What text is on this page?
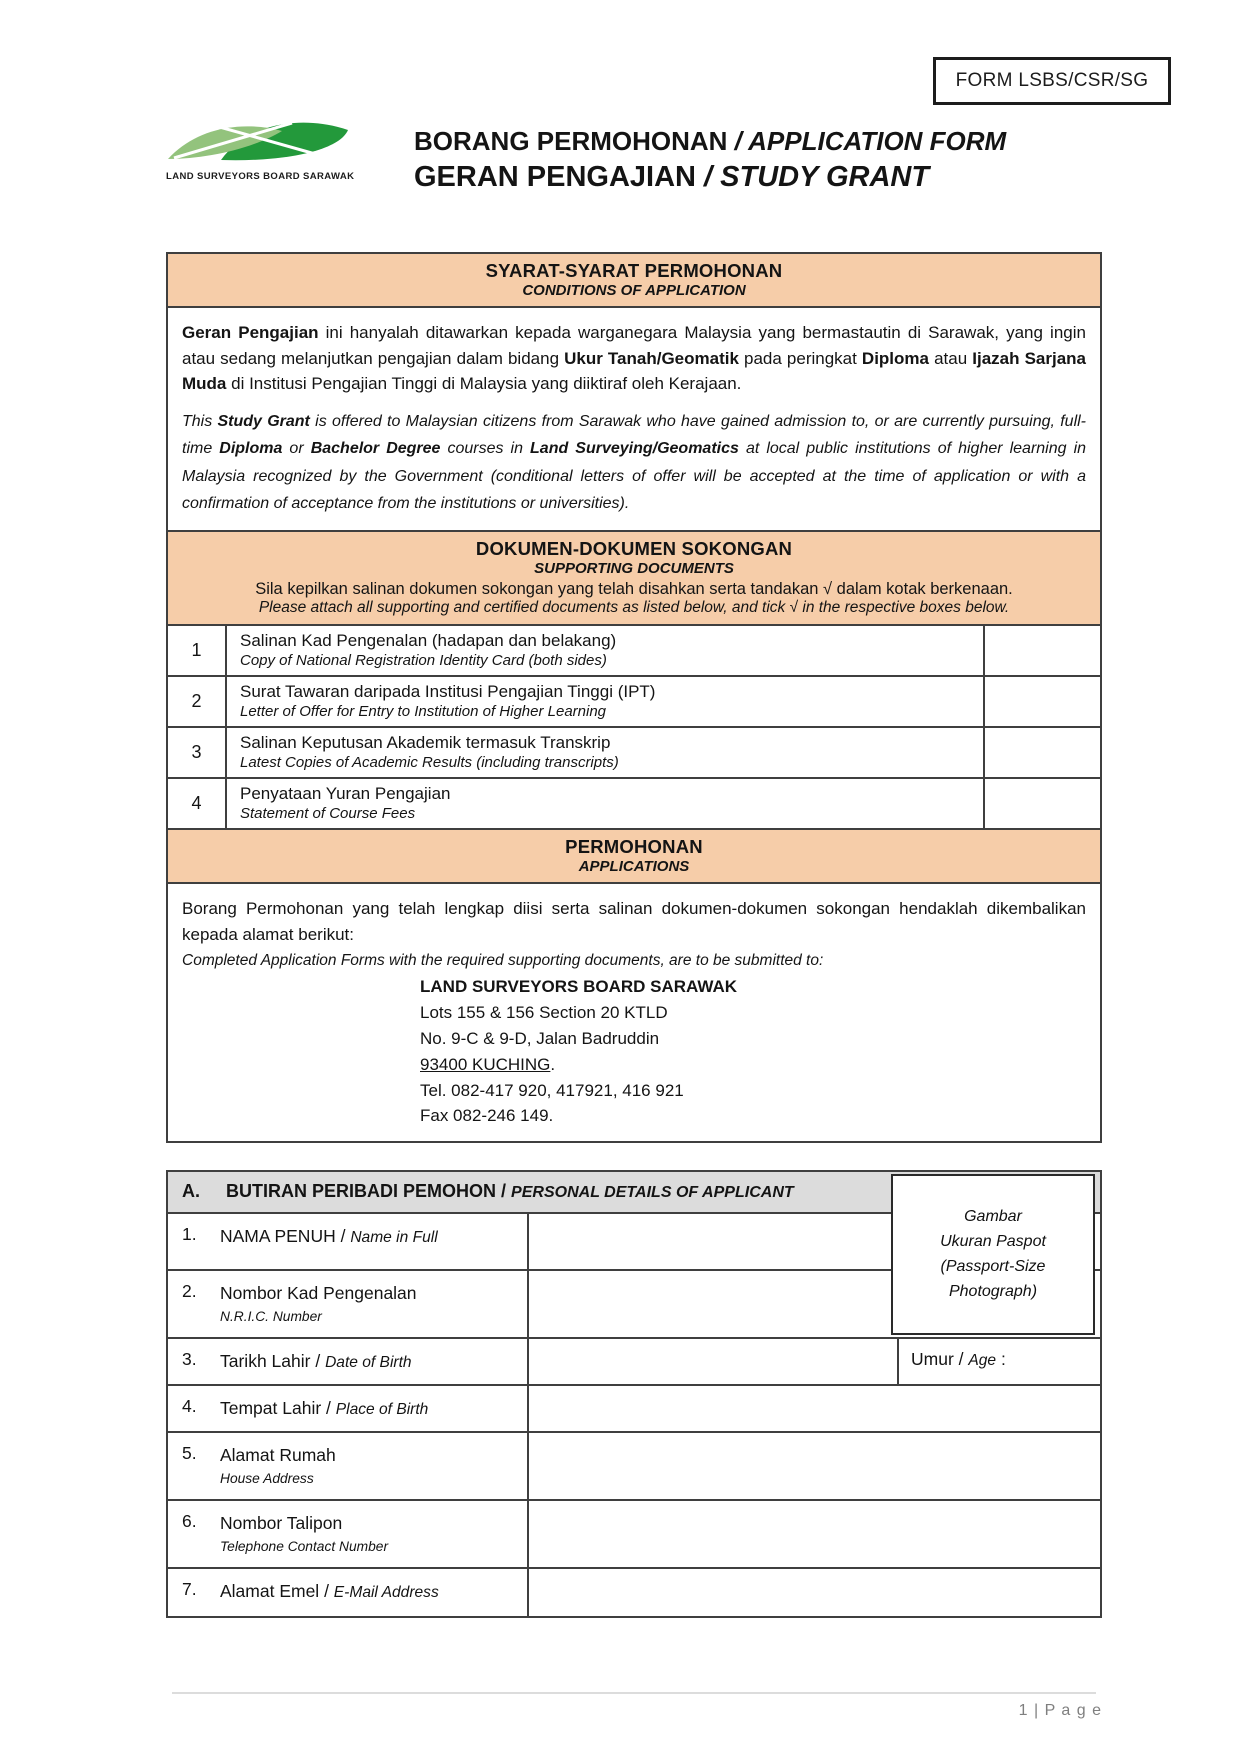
FORM LSBS/CSR/SG
LAND SURVEYORS BOARD SARAWAK
BORANG PERMOHONAN / APPLICATION FORM
GERAN PENGAJIAN / STUDY GRANT
SYARAT-SYARAT PERMOHONAN
CONDITIONS OF APPLICATION

Geran Pengajian ini hanyalah ditawarkan kepada warganegara Malaysia yang bermastautin di Sarawak, yang ingin atau sedang melanjutkan pengajian dalam bidang Ukur Tanah/Geomatik pada peringkat Diploma atau Ijazah Sarjana Muda di Institusi Pengajian Tinggi di Malaysia yang diiktiraf oleh Kerajaan.

This Study Grant is offered to Malaysian citizens from Sarawak who have gained admission to, or are currently pursuing, full-time Diploma or Bachelor Degree courses in Land Surveying/Geomatics at local public institutions of higher learning in Malaysia recognized by the Government (conditional letters of offer will be accepted at the time of application or with a confirmation of acceptance from the institutions or universities).

DOKUMEN-DOKUMEN SOKONGAN
SUPPORTING DOCUMENTS
Sila kepilkan salinan dokumen sokongan yang telah disahkan serta tandakan √ dalam kotak berkenaan.
Please attach all supporting and certified documents as listed below, and tick √ in the respective boxes below.
1	Salinan Kad Pengenalan (hadapan dan belakang)
Copy of National Registration Identity Card (both sides)
2	Surat Tawaran daripada Institusi Pengajian Tinggi (IPT)
Letter of Offer for Entry to Institution of Higher Learning
3	Salinan Keputusan Akademik termasuk Transkrip
Latest Copies of Academic Results (including transcripts)
4	Penyataan Yuran Pengajian
Statement of Course Fees
PERMOHONAN
APPLICATIONS

Borang Permohonan yang telah lengkap diisi serta salinan dokumen-dokumen sokongan hendaklah dikembalikan kepada alamat berikut:

Completed Application Forms with the required supporting documents, are to be submitted to:

LAND SURVEYORS BOARD SARAWAK
Lots 155 & 156 Section 20 KTLD
No. 9-C & 9-D, Jalan Badruddin
93400 KUCHING.
Tel. 082-417 920, 417921, 416 921
Fax 082-246 149.
A.	BUTIRAN PERIBADI PEMOHON / PERSONAL DETAILS OF APPLICANT
1.	NAMA PENUH / Name in Full
2.	Nombor Kad Pengenalan
N.R.I.C. Number
3.	Tarikh Lahir / Date of Birth	Umur / Age :
4.	Tempat Lahir / Place of Birth
5.	Alamat Rumah
House Address
6.	Nombor Talipon
Telephone Contact Number
7.	Alamat Emel / E-Mail Address
Gambar
Ukuran Paspot
(Passport-Size
Photograph)
1 | P a g e
